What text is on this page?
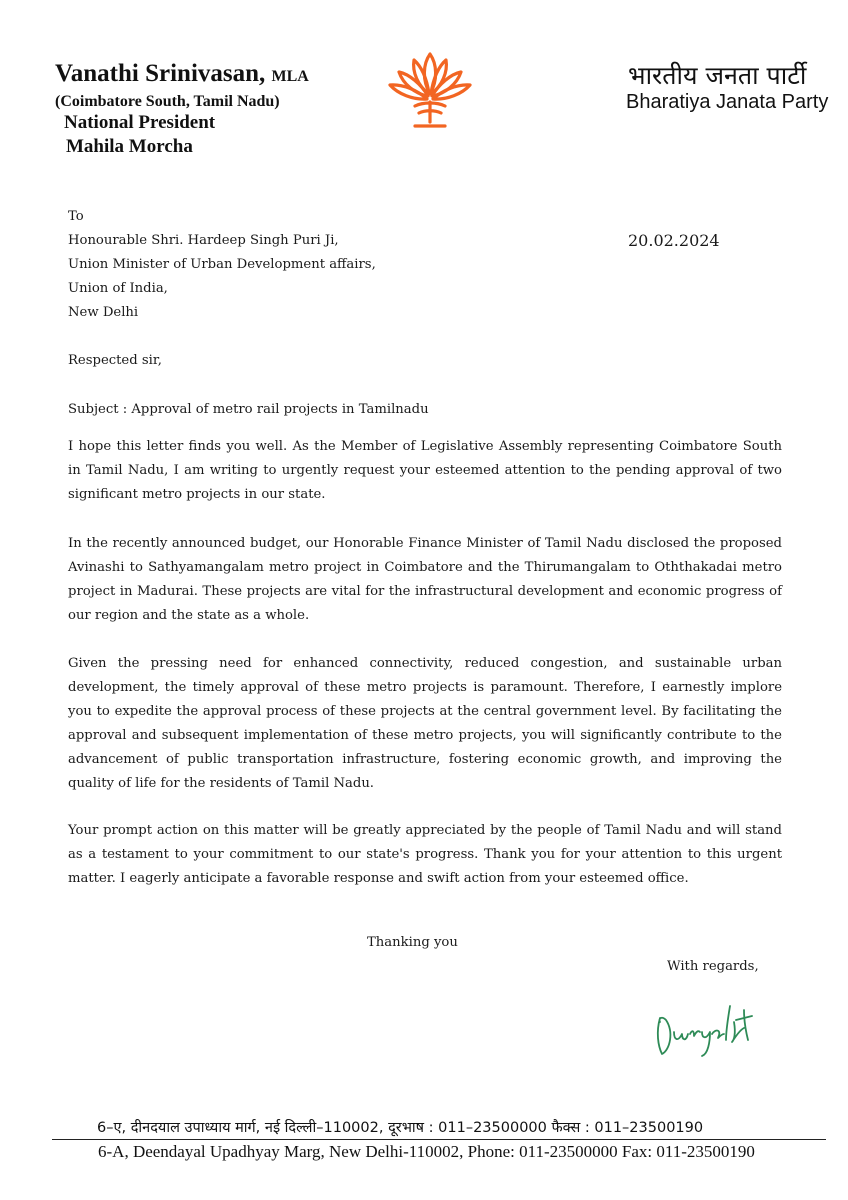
Vanathi Srinivasan, MLA
(Coimbatore South, Tamil Nadu)
National President
Mahila Morcha
भारतीय जनता पार्टी
Bharatiya Janata Party
To
Honourable Shri. Hardeep Singh Puri Ji,
Union Minister of Urban Development affairs,
Union of India,
New Delhi
20.02.2024
Respected sir,
Subject : Approval of metro rail projects in Tamilnadu
I hope this letter finds you well. As the Member of Legislative Assembly representing Coimbatore South in Tamil Nadu, I am writing to urgently request your esteemed attention to the pending approval of two significant metro projects in our state.
In the recently announced budget, our Honorable Finance Minister of Tamil Nadu disclosed the proposed Avinashi to Sathyamangalam metro project in Coimbatore and the Thirumangalam to Oththakadai metro project in Madurai. These projects are vital for the infrastructural development and economic progress of our region and the state as a whole.
Given the pressing need for enhanced connectivity, reduced congestion, and sustainable urban development, the timely approval of these metro projects is paramount. Therefore, I earnestly implore you to expedite the approval process of these projects at the central government level. By facilitating the approval and subsequent implementation of these metro projects, you will significantly contribute to the advancement of public transportation infrastructure, fostering economic growth, and improving the quality of life for the residents of Tamil Nadu.
Your prompt action on this matter will be greatly appreciated by the people of Tamil Nadu and will stand as a testament to your commitment to our state's progress. Thank you for your attention to this urgent matter. I eagerly anticipate a favorable response and swift action from your esteemed office.
Thanking you
With regards,
6–ए, दीनदयाल उपाध्याय मार्ग, नई दिल्ली–110002, दूरभाष : 011–23500000 फैक्स : 011–23500190
6-A, Deendayal Upadhyay Marg, New Delhi-110002, Phone: 011-23500000 Fax: 011-23500190
